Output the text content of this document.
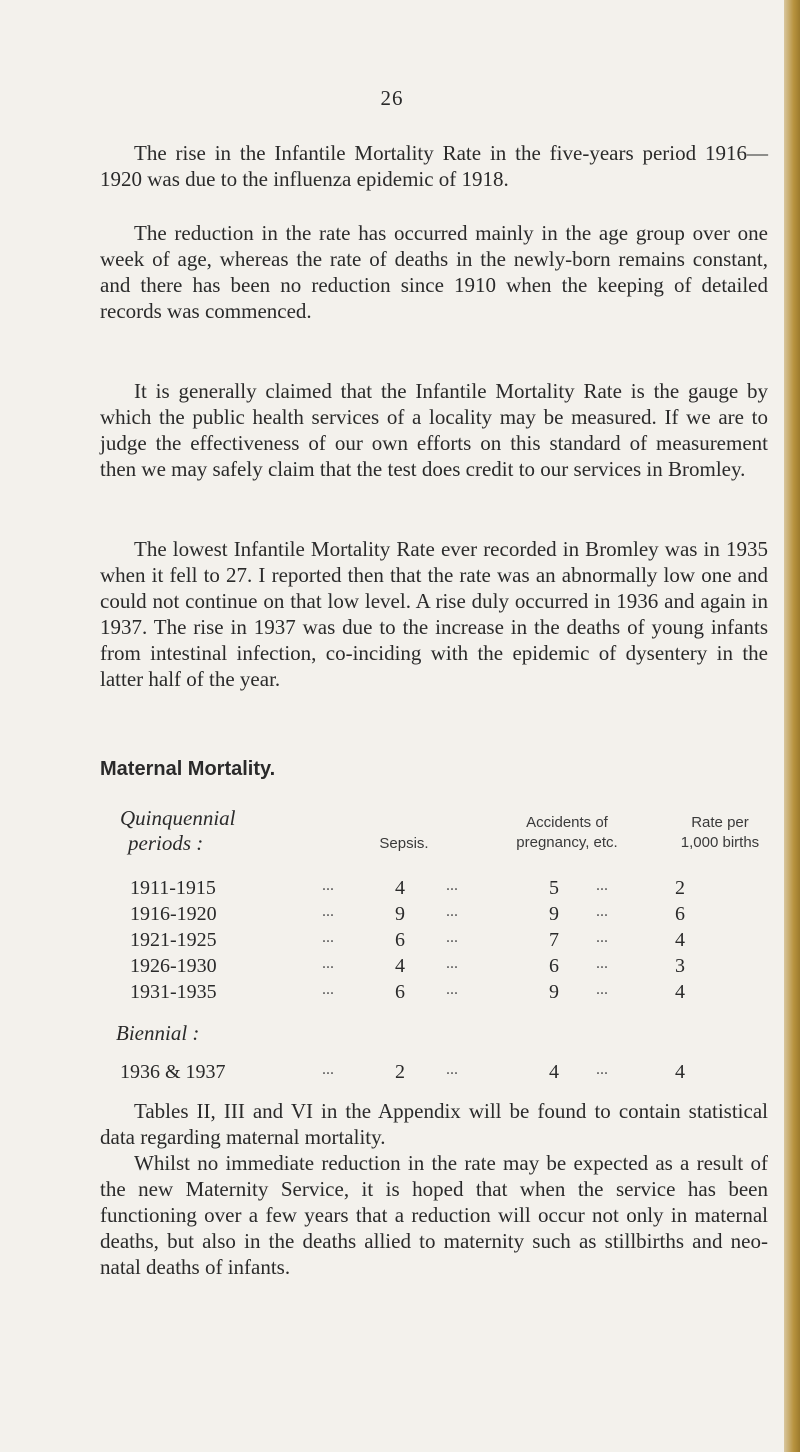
26

The rise in the Infantile Mortality Rate in the five-years period 1916—1920 was due to the influenza epidemic of 1918.

The reduction in the rate has occurred mainly in the age group over one week of age, whereas the rate of deaths in the newly-born remains constant, and there has been no reduction since 1910 when the keeping of detailed records was commenced.

It is generally claimed that the Infantile Mortality Rate is the gauge by which the public health services of a locality may be measured. If we are to judge the effectiveness of our own efforts on this standard of measurement then we may safely claim that the test does credit to our services in Bromley.

The lowest Infantile Mortality Rate ever recorded in Bromley was in 1935 when it fell to 27. I reported then that the rate was an abnormally low one and could not continue on that low level. A rise duly occurred in 1936 and again in 1937. The rise in 1937 was due to the increase in the deaths of young infants from intestinal infection, co-inciding with the epidemic of dysentery in the latter half of the year.

Maternal Mortality.
Quinquennial
periods :	Sepsis.
Accidents of
pregnancy, etc.
Rate per
1,000 births
1911-1915	...	4	...	5	...	2
1916-1920	...	9	...	9	...	6
1921-1925	...	6	...	7	...	4
1926-1930	...	4	...	6	...	3
1931-1935	...	6	...	9	...	4
Biennial :
1936 & 1937	...	2	...	4	...	4

Tables II, III and VI in the Appendix will be found to contain statistical data regarding maternal mortality.

Whilst no immediate reduction in the rate may be expected as a result of the new Maternity Service, it is hoped that when the service has been functioning over a few years that a reduction will occur not only in maternal deaths, but also in the deaths allied to maternity such as stillbirths and neo-natal deaths of infants.
